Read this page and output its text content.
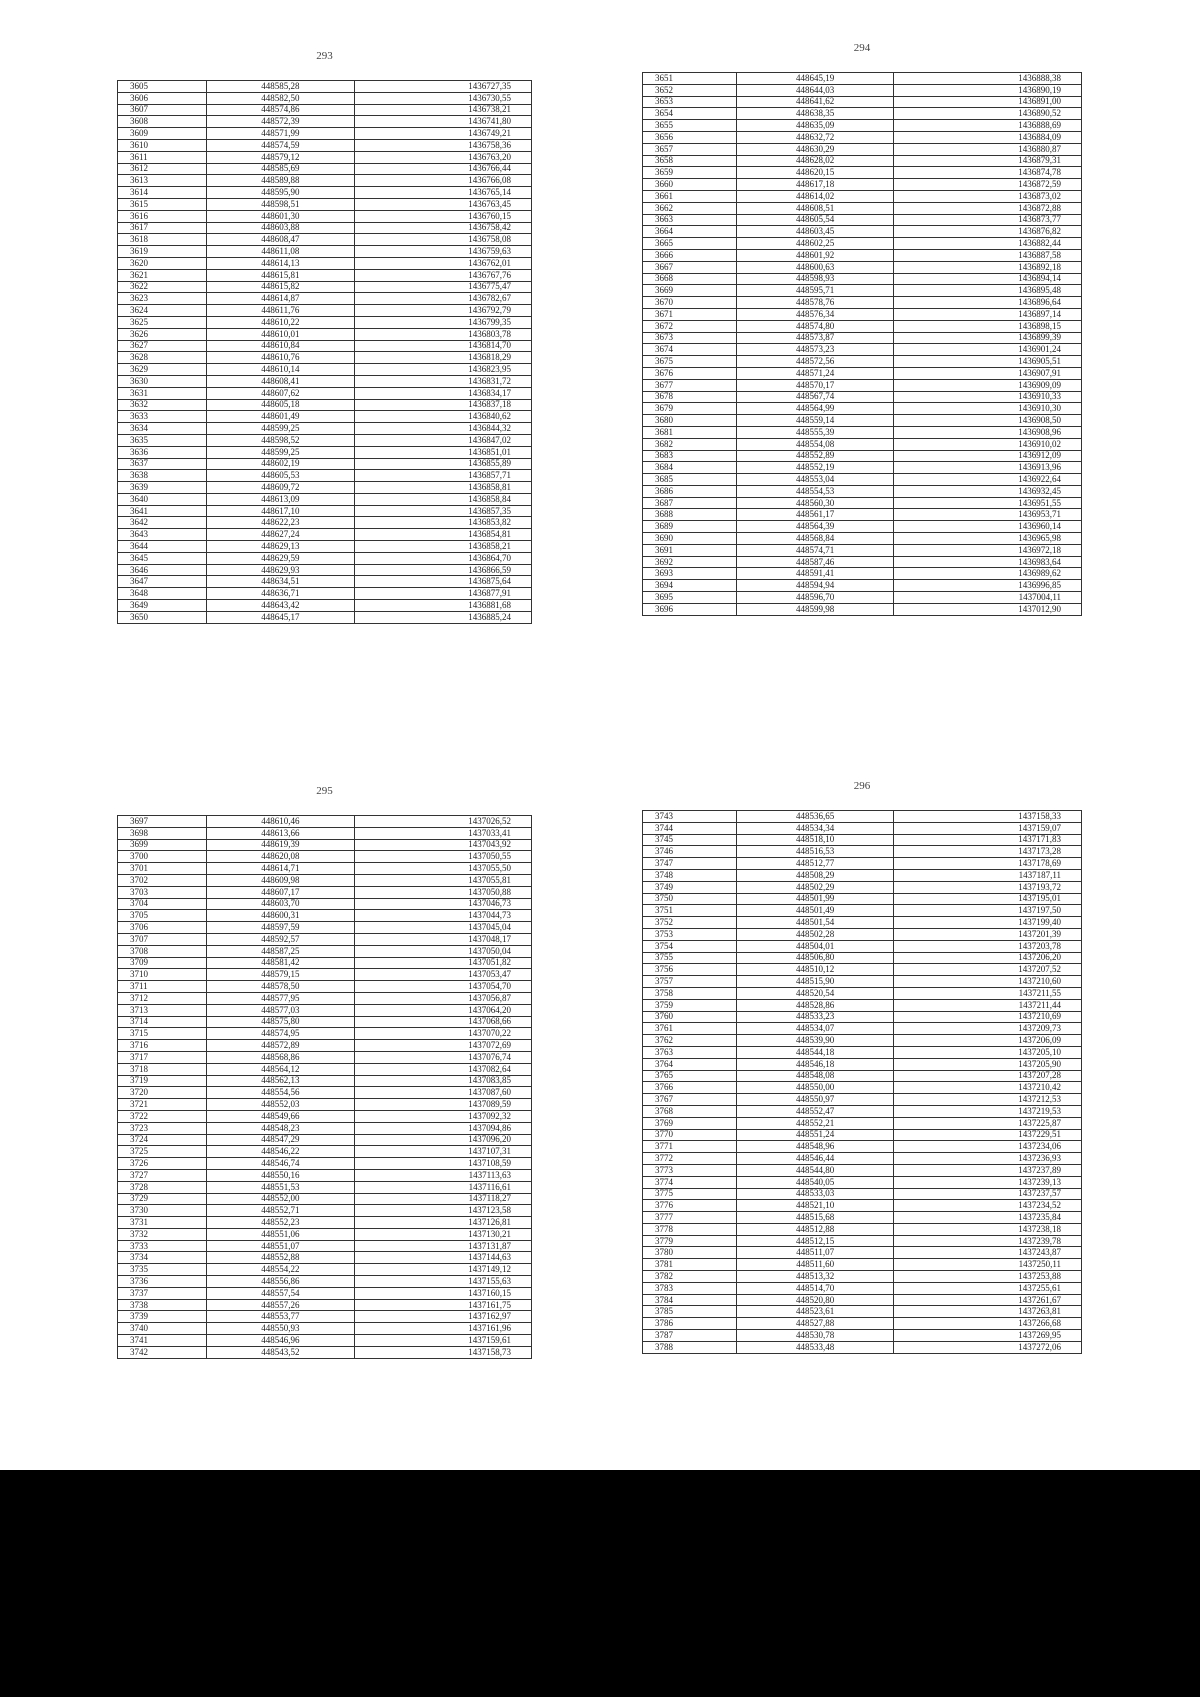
293
3605	448585,28	1436727,35
3606	448582,50	1436730,55
3607	448574,86	1436738,21
3608	448572,39	1436741,80
3609	448571,99	1436749,21
3610	448574,59	1436758,36
3611	448579,12	1436763,20
3612	448585,69	1436766,44
3613	448589,88	1436766,08
3614	448595,90	1436765,14
3615	448598,51	1436763,45
3616	448601,30	1436760,15
3617	448603,88	1436758,42
3618	448608,47	1436758,08
3619	448611,08	1436759,63
3620	448614,13	1436762,01
3621	448615,81	1436767,76
3622	448615,82	1436775,47
3623	448614,87	1436782,67
3624	448611,76	1436792,79
3625	448610,22	1436799,35
3626	448610,01	1436803,78
3627	448610,84	1436814,70
3628	448610,76	1436818,29
3629	448610,14	1436823,95
3630	448608,41	1436831,72
3631	448607,62	1436834,17
3632	448605,18	1436837,18
3633	448601,49	1436840,62
3634	448599,25	1436844,32
3635	448598,52	1436847,02
3636	448599,25	1436851,01
3637	448602,19	1436855,89
3638	448605,53	1436857,71
3639	448609,72	1436858,81
3640	448613,09	1436858,84
3641	448617,10	1436857,35
3642	448622,23	1436853,82
3643	448627,24	1436854,81
3644	448629,13	1436858,21
3645	448629,59	1436864,70
3646	448629,93	1436866,59
3647	448634,51	1436875,64
3648	448636,71	1436877,91
3649	448643,42	1436881,68
3650	448645,17	1436885,24
294
3651	448645,19	1436888,38
3652	448644,03	1436890,19
3653	448641,62	1436891,00
3654	448638,35	1436890,52
3655	448635,09	1436888,69
3656	448632,72	1436884,09
3657	448630,29	1436880,87
3658	448628,02	1436879,31
3659	448620,15	1436874,78
3660	448617,18	1436872,59
3661	448614,02	1436873,02
3662	448608,51	1436872,88
3663	448605,54	1436873,77
3664	448603,45	1436876,82
3665	448602,25	1436882,44
3666	448601,92	1436887,58
3667	448600,63	1436892,18
3668	448598,93	1436894,14
3669	448595,71	1436895,48
3670	448578,76	1436896,64
3671	448576,34	1436897,14
3672	448574,80	1436898,15
3673	448573,87	1436899,39
3674	448573,23	1436901,24
3675	448572,56	1436905,51
3676	448571,24	1436907,91
3677	448570,17	1436909,09
3678	448567,74	1436910,33
3679	448564,99	1436910,30
3680	448559,14	1436908,50
3681	448555,39	1436908,96
3682	448554,08	1436910,02
3683	448552,89	1436912,09
3684	448552,19	1436913,96
3685	448553,04	1436922,64
3686	448554,53	1436932,45
3687	448560,30	1436951,55
3688	448561,17	1436953,71
3689	448564,39	1436960,14
3690	448568,84	1436965,98
3691	448574,71	1436972,18
3692	448587,46	1436983,64
3693	448591,41	1436989,62
3694	448594,94	1436996,85
3695	448596,70	1437004,11
3696	448599,98	1437012,90
295
3697	448610,46	1437026,52
3698	448613,66	1437033,41
3699	448619,39	1437043,92
3700	448620,08	1437050,55
3701	448614,71	1437055,50
3702	448609,98	1437055,81
3703	448607,17	1437050,88
3704	448603,70	1437046,73
3705	448600,31	1437044,73
3706	448597,59	1437045,04
3707	448592,57	1437048,17
3708	448587,25	1437050,04
3709	448581,42	1437051,82
3710	448579,15	1437053,47
3711	448578,50	1437054,70
3712	448577,95	1437056,87
3713	448577,03	1437064,20
3714	448575,80	1437068,66
3715	448574,95	1437070,22
3716	448572,89	1437072,69
3717	448568,86	1437076,74
3718	448564,12	1437082,64
3719	448562,13	1437083,85
3720	448554,56	1437087,60
3721	448552,03	1437089,59
3722	448549,66	1437092,32
3723	448548,23	1437094,86
3724	448547,29	1437096,20
3725	448546,22	1437107,31
3726	448546,74	1437108,59
3727	448550,16	1437113,63
3728	448551,53	1437116,61
3729	448552,00	1437118,27
3730	448552,71	1437123,58
3731	448552,23	1437126,81
3732	448551,06	1437130,21
3733	448551,07	1437131,87
3734	448552,88	1437144,63
3735	448554,22	1437149,12
3736	448556,86	1437155,63
3737	448557,54	1437160,15
3738	448557,26	1437161,75
3739	448553,77	1437162,97
3740	448550,93	1437161,96
3741	448546,96	1437159,61
3742	448543,52	1437158,73
296
3743	448536,65	1437158,33
3744	448534,34	1437159,07
3745	448518,10	1437171,83
3746	448516,53	1437173,28
3747	448512,77	1437178,69
3748	448508,29	1437187,11
3749	448502,29	1437193,72
3750	448501,99	1437195,01
3751	448501,49	1437197,50
3752	448501,54	1437199,40
3753	448502,28	1437201,39
3754	448504,01	1437203,78
3755	448506,80	1437206,20
3756	448510,12	1437207,52
3757	448515,90	1437210,60
3758	448520,54	1437211,55
3759	448528,86	1437211,44
3760	448533,23	1437210,69
3761	448534,07	1437209,73
3762	448539,90	1437206,09
3763	448544,18	1437205,10
3764	448546,18	1437205,90
3765	448548,08	1437207,28
3766	448550,00	1437210,42
3767	448550,97	1437212,53
3768	448552,47	1437219,53
3769	448552,21	1437225,87
3770	448551,24	1437229,51
3771	448548,96	1437234,06
3772	448546,44	1437236,93
3773	448544,80	1437237,89
3774	448540,05	1437239,13
3775	448533,03	1437237,57
3776	448521,10	1437234,52
3777	448515,68	1437235,84
3778	448512,88	1437238,18
3779	448512,15	1437239,78
3780	448511,07	1437243,87
3781	448511,60	1437250,11
3782	448513,32	1437253,88
3783	448514,70	1437255,61
3784	448520,80	1437261,67
3785	448523,61	1437263,81
3786	448527,88	1437266,68
3787	448530,78	1437269,95
3788	448533,48	1437272,06
